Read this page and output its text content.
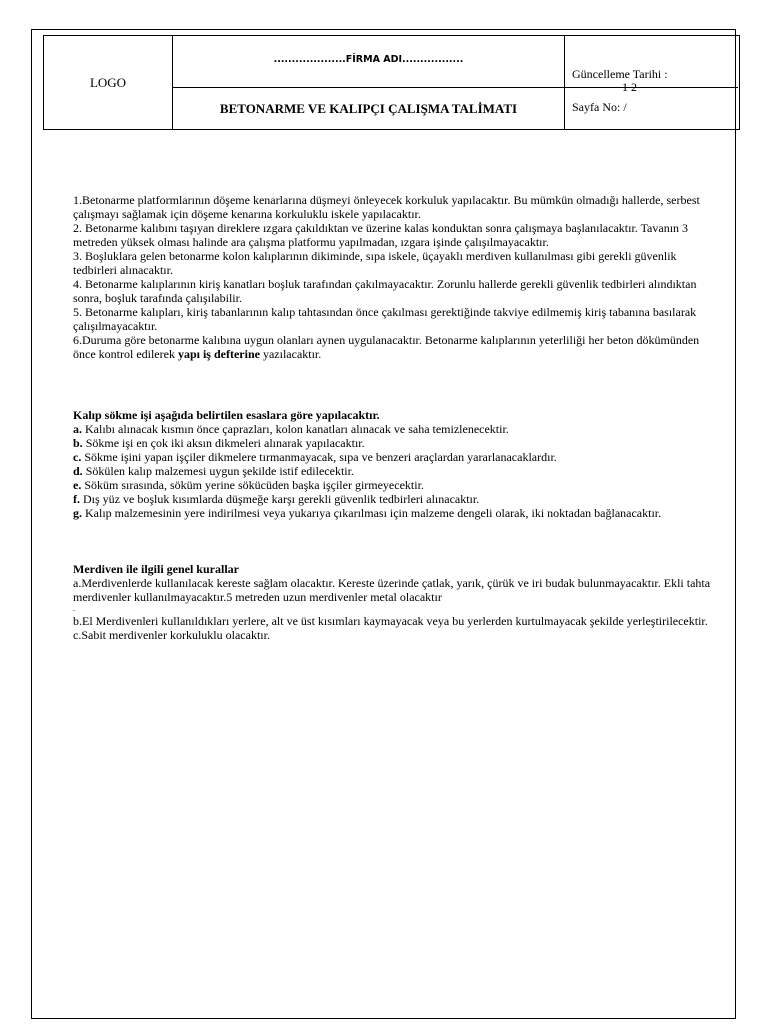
LOGO
....................FİRMA ADI.................
BETONARME VE KALIPÇI ÇALIŞMA TALİMATI
Güncelleme Tarihi :
1 2
Sayfa No: /

1.Betonarme platformlarının döşeme kenarlarına düşmeyi önleyecek korkuluk yapılacaktır. Bu mümkün olmadığı hallerde, serbest çalışmayı sağlamak için döşeme kenarına korkuluklu iskele yapılacaktır.

2. Betonarme kalıbını taşıyan direklere ızgara çakıldıktan ve üzerine kalas konduktan sonra çalışmaya başlanılacaktır. Tavanın 3 metreden yüksek olması halinde ara çalışma platformu yapılmadan, ızgara işinde çalışılmayacaktır.

3. Boşluklara gelen betonarme kolon kalıplarının dikiminde, sıpa iskele, üçayaklı merdiven kullanılması gibi gerekli güvenlik tedbirleri alınacaktır.

4. Betonarme kalıplarının kiriş kanatları boşluk tarafından çakılmayacaktır. Zorunlu hallerde gerekli güvenlik tedbirleri alındıktan sonra, boşluk tarafında çalışılabilir.

5. Betonarme kalıpları, kiriş tabanlarının kalıp tahtasından önce çakılması gerektiğinde takviye edilmemiş kiriş tabanına basılarak çalışılmayacaktır.

6.Duruma göre betonarme kalıbına uygun olanları aynen uygulanacaktır. Betonarme kalıplarının yeterliliği her beton dökümünden önce kontrol edilerek yapı iş defterine yazılacaktır.

Kalıp sökme işi aşağıda belirtilen esaslara göre yapılacaktır.

a. Kalıbı alınacak kısmın önce çaprazları, kolon kanatları alınacak ve saha temizlenecektir.

b. Sökme işi en çok iki aksın dikmeleri alınarak yapılacaktır.

c. Sökme işini yapan işçiler dikmelere tırmanmayacak, sıpa ve benzeri araçlardan yararlanacaklardır.

d. Sökülen kalıp malzemesi uygun şekilde istif edilecektir.

e. Söküm sırasında, söküm yerine sökücüden başka işçiler girmeyecektir.

f. Dış yüz ve boşluk kısımlarda düşmeğe karşı gerekli güvenlik tedbirleri alınacaktır.

g. Kalıp malzemesinin yere indirilmesi veya yukarıya çıkarılması için malzeme dengeli olarak, iki noktadan bağlanacaktır.

Merdiven ile ilgili genel kurallar

a.Merdivenlerde kullanılacak kereste sağlam olacaktır. Kereste üzerinde çatlak, yarık, çürük ve iri budak bulunmayacaktır. Ekli tahta merdivenler kullanılmayacaktır.5 metreden uzun merdivenler metal olacaktır

.

b.El Merdivenleri kullanıldıkları yerlere, alt ve üst kısımları kaymayacak veya bu yerlerden kurtulmayacak şekilde yerleştirilecektir.

c.Sabit merdivenler korkuluklu olacaktır.
